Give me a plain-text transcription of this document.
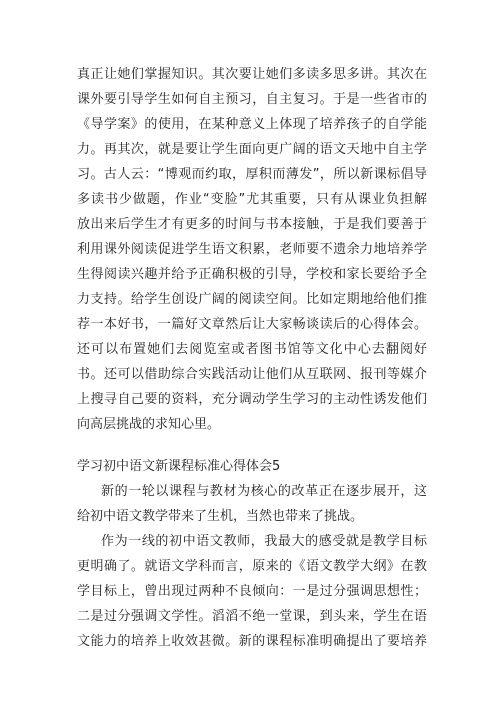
真正让她们掌握知识。其次要让她们多读多思多讲。其次在
课外要引导学生如何自主预习，自主复习。于是一些省市的
《导学案》的使用，在某种意义上体现了培养孩子的自学能
力。再其次，就是要让学生面向更广阔的语文天地中自主学
习。古人云：“博观而约取，厚积而薄发”，所以新课标倡导
多读书少做题，作业“变脸”尤其重要，只有从课业负担解
放出来后学生才有更多的时间与书本接触，于是我们要善于
利用课外阅读促进学生语文积累，老师要不遗余力地培养学
生得阅读兴趣并给予正确积极的引导，学校和家长要给予全
力支持。给学生创设广阔的阅读空间。比如定期地给他们推
荐一本好书，一篇好文章然后让大家畅谈读后的心得体会。
还可以布置她们去阅览室或者图书馆等文化中心去翻阅好
书。还可以借助综合实践活动让他们从互联网、报刊等媒介
上搜寻自己要的资料，充分调动学生学习的主动性诱发他们
向高层挑战的求知心里。
学习初中语文新课程标准心得体会5
新的一轮以课程与教材为核心的改革正在逐步展开，这
给初中语文教学带来了生机，当然也带来了挑战。
作为一线的初中语文教师，我最大的感受就是教学目标
更明确了。就语文学科而言，原来的《语文教学大纲》在教
学目标上，曾出现过两种不良倾向：一是过分强调思想性；
二是过分强调文学性。滔滔不绝一堂课，到头来，学生在语
文能力的培养上收效甚微。新的课程标准明确提出了要培养
